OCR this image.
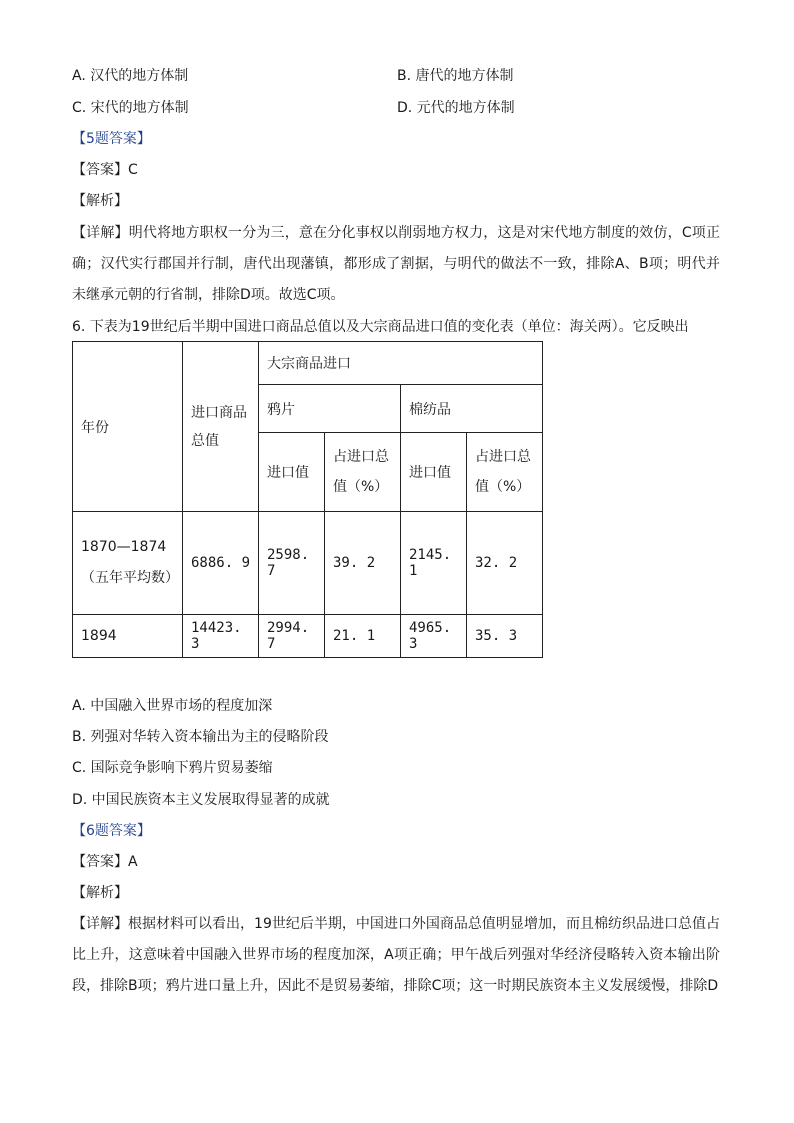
A. 汉代的地方体制	B. 唐代的地方体制
C. 宋代的地方体制	D. 元代的地方体制
【5题答案】
【答案】C
【解析】
【详解】明代将地方职权一分为三，意在分化事权以削弱地方权力，这是对宋代地方制度的效仿，C项正确；汉代实行郡国并行制，唐代出现藩镇，都形成了割据，与明代的做法不一致，排除A、B项；明代并未继承元朝的行省制，排除D项。故选C项。
6. 下表为19世纪后半期中国进口商品总值以及大宗商品进口值的变化表（单位：海关两）。它反映出
年份	进口商品总值	大宗商品进口			
		鸦片		棉纺品	
		进口值	占进口总值（%）	进口值	占进口总值（%）
1870—1874（五年平均数）	6886. 9	2598. 7	39. 2	2145. 1	32. 2
1894	14423. 3	2994. 7	21. 1	4965. 3	35. 3
A. 中国融入世界市场的程度加深
B. 列强对华转入资本输出为主的侵略阶段
C. 国际竞争影响下鸦片贸易萎缩
D. 中国民族资本主义发展取得显著的成就
【6题答案】
【答案】A
【解析】
【详解】根据材料可以看出，19世纪后半期，中国进口外国商品总值明显增加，而且棉纺织品进口总值占比上升，这意味着中国融入世界市场的程度加深，A项正确；甲午战后列强对华经济侵略转入资本输出阶段，排除B项；鸦片进口量上升，因此不是贸易萎缩，排除C项；这一时期民族资本主义发展缓慢，排除D
